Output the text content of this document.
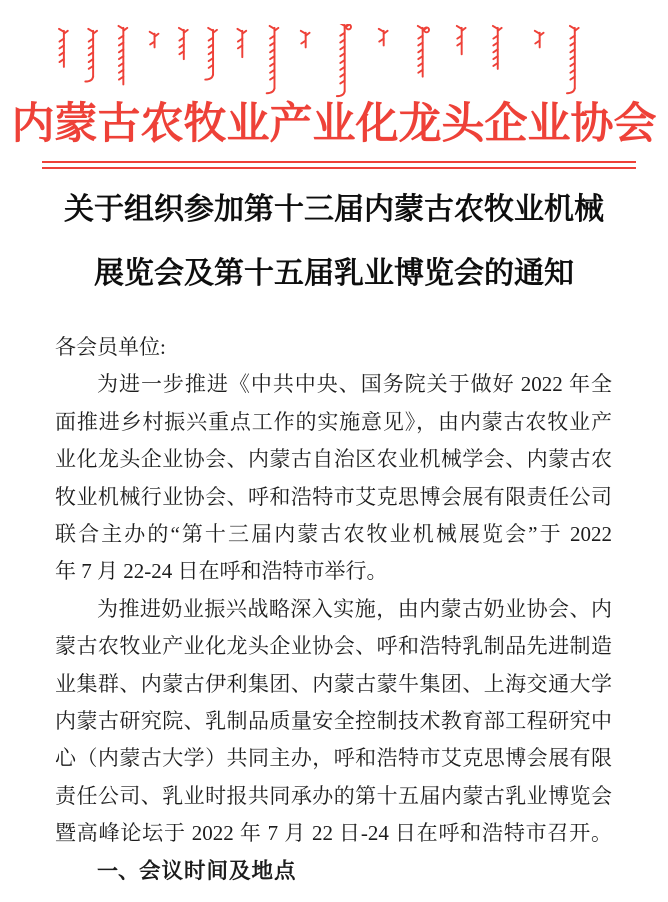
内蒙古农牧业产业化龙头企业协会
关于组织参加第十三届内蒙古农牧业机械
展览会及第十五届乳业博览会的通知
各会员单位:
为进一步推进《中共中央、国务院关于做好 2022 年全
面推进乡村振兴重点工作的实施意见》，由内蒙古农牧业产
业化龙头企业协会、内蒙古自治区农业机械学会、内蒙古农
牧业机械行业协会、呼和浩特市艾克思博会展有限责任公司
联合主办的“第十三届内蒙古农牧业机械展览会”于 2022
年 7 月 22-24 日在呼和浩特市举行。
为推进奶业振兴战略深入实施，由内蒙古奶业协会、内
蒙古农牧业产业化龙头企业协会、呼和浩特乳制品先进制造
业集群、内蒙古伊利集团、内蒙古蒙牛集团、上海交通大学
内蒙古研究院、乳制品质量安全控制技术教育部工程研究中
心（内蒙古大学）共同主办，呼和浩特市艾克思博会展有限
责任公司、乳业时报共同承办的第十五届内蒙古乳业博览会
暨高峰论坛于 2022 年 7 月 22 日-24 日在呼和浩特市召开。
一、会议时间及地点
